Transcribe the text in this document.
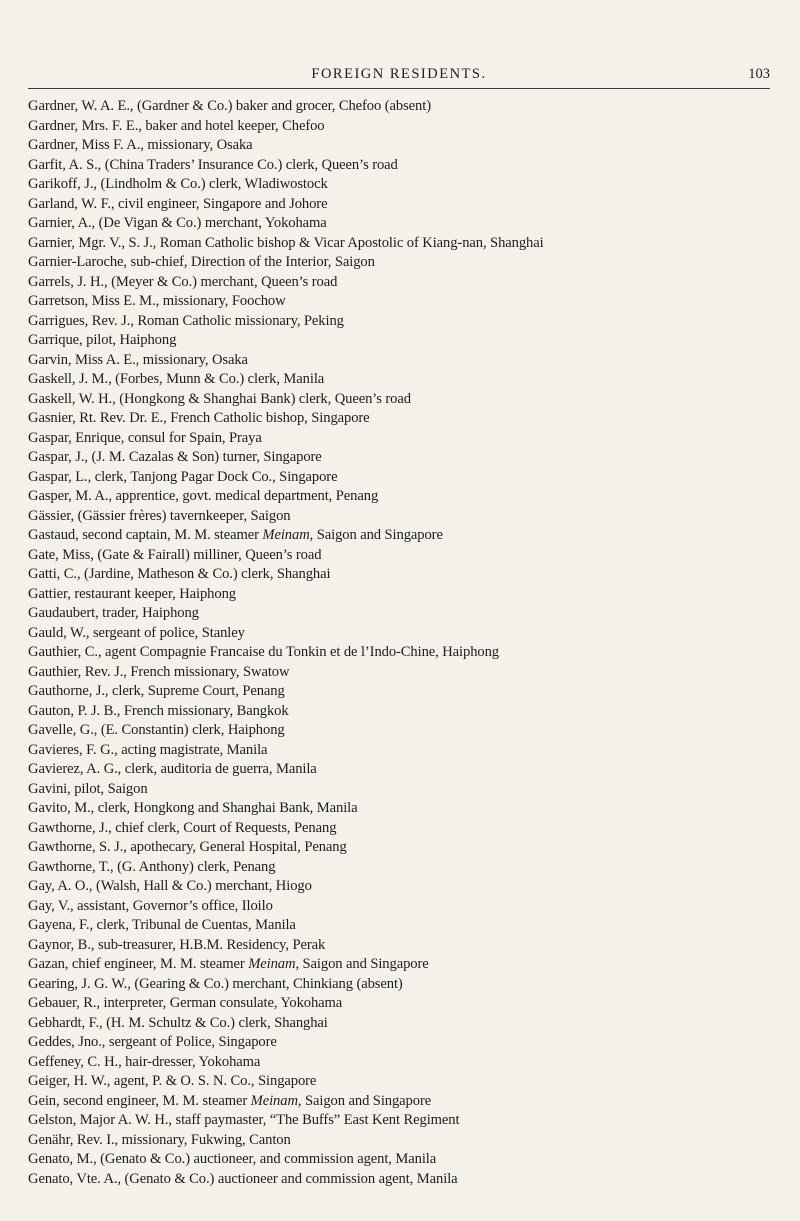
FOREIGN RESIDENTS.	103
Gardner, W. A. E., (Gardner & Co.) baker and grocer, Chefoo (absent)
Gardner, Mrs. F. E., baker and hotel keeper, Chefoo
Gardner, Miss F. A., missionary, Osaka
Garfit, A. S., (China Traders’ Insurance Co.) clerk, Queen’s road
Garikoff, J., (Lindholm & Co.) clerk, Wladiwostock
Garland, W. F., civil engineer, Singapore and Johore
Garnier, A., (De Vigan & Co.) merchant, Yokohama
Garnier, Mgr. V., S. J., Roman Catholic bishop & Vicar Apostolic of Kiang-nan, Shanghai
Garnier-Laroche, sub-chief, Direction of the Interior, Saigon
Garrels, J. H., (Meyer & Co.) merchant, Queen’s road
Garretson, Miss E. M., missionary, Foochow
Garrigues, Rev. J., Roman Catholic missionary, Peking
Garrique, pilot, Haiphong
Garvin, Miss A. E., missionary, Osaka
Gaskell, J. M., (Forbes, Munn & Co.) clerk, Manila
Gaskell, W. H., (Hongkong & Shanghai Bank) clerk, Queen’s road
Gasnier, Rt. Rev. Dr. E., French Catholic bishop, Singapore
Gaspar, Enrique, consul for Spain, Praya
Gaspar, J., (J. M. Cazalas & Son) turner, Singapore
Gaspar, L., clerk, Tanjong Pagar Dock Co., Singapore
Gasper, M. A., apprentice, govt. medical department, Penang
Gässier, (Gässier frères) tavernkeeper, Saigon
Gastaud, second captain, M. M. steamer Meinam, Saigon and Singapore
Gate, Miss, (Gate & Fairall) milliner, Queen’s road
Gatti, C., (Jardine, Matheson & Co.) clerk, Shanghai
Gattier, restaurant keeper, Haiphong
Gaudaubert, trader, Haiphong
Gauld, W., sergeant of police, Stanley
Gauthier, C., agent Compagnie Francaise du Tonkin et de l’Indo-Chine, Haiphong
Gauthier, Rev. J., French missionary, Swatow
Gauthorne, J., clerk, Supreme Court, Penang
Gauton, P. J. B., French missionary, Bangkok
Gavelle, G., (E. Constantin) clerk, Haiphong
Gavieres, F. G., acting magistrate, Manila
Gavierez, A. G., clerk, auditoria de guerra, Manila
Gavini, pilot, Saigon
Gavito, M., clerk, Hongkong and Shanghai Bank, Manila
Gawthorne, J., chief clerk, Court of Requests, Penang
Gawthorne, S. J., apothecary, General Hospital, Penang
Gawthorne, T., (G. Anthony) clerk, Penang
Gay, A. O., (Walsh, Hall & Co.) merchant, Hiogo
Gay, V., assistant, Governor’s office, Iloilo
Gayena, F., clerk, Tribunal de Cuentas, Manila
Gaynor, B., sub-treasurer, H.B.M. Residency, Perak
Gazan, chief engineer, M. M. steamer Meinam, Saigon and Singapore
Gearing, J. G. W., (Gearing & Co.) merchant, Chinkiang (absent)
Gebauer, R., interpreter, German consulate, Yokohama
Gebhardt, F., (H. M. Schultz & Co.) clerk, Shanghai
Geddes, Jno., sergeant of Police, Singapore
Geffeney, C. H., hair-dresser, Yokohama
Geiger, H. W., agent, P. & O. S. N. Co., Singapore
Gein, second engineer, M. M. steamer Meinam, Saigon and Singapore
Gelston, Major A. W. H., staff paymaster, “The Buffs” East Kent Regiment
Genähr, Rev. I., missionary, Fukwing, Canton
Genato, M., (Genato & Co.) auctioneer, and commission agent, Manila
Genato, Vte. A., (Genato & Co.) auctioneer and commission agent, Manila
